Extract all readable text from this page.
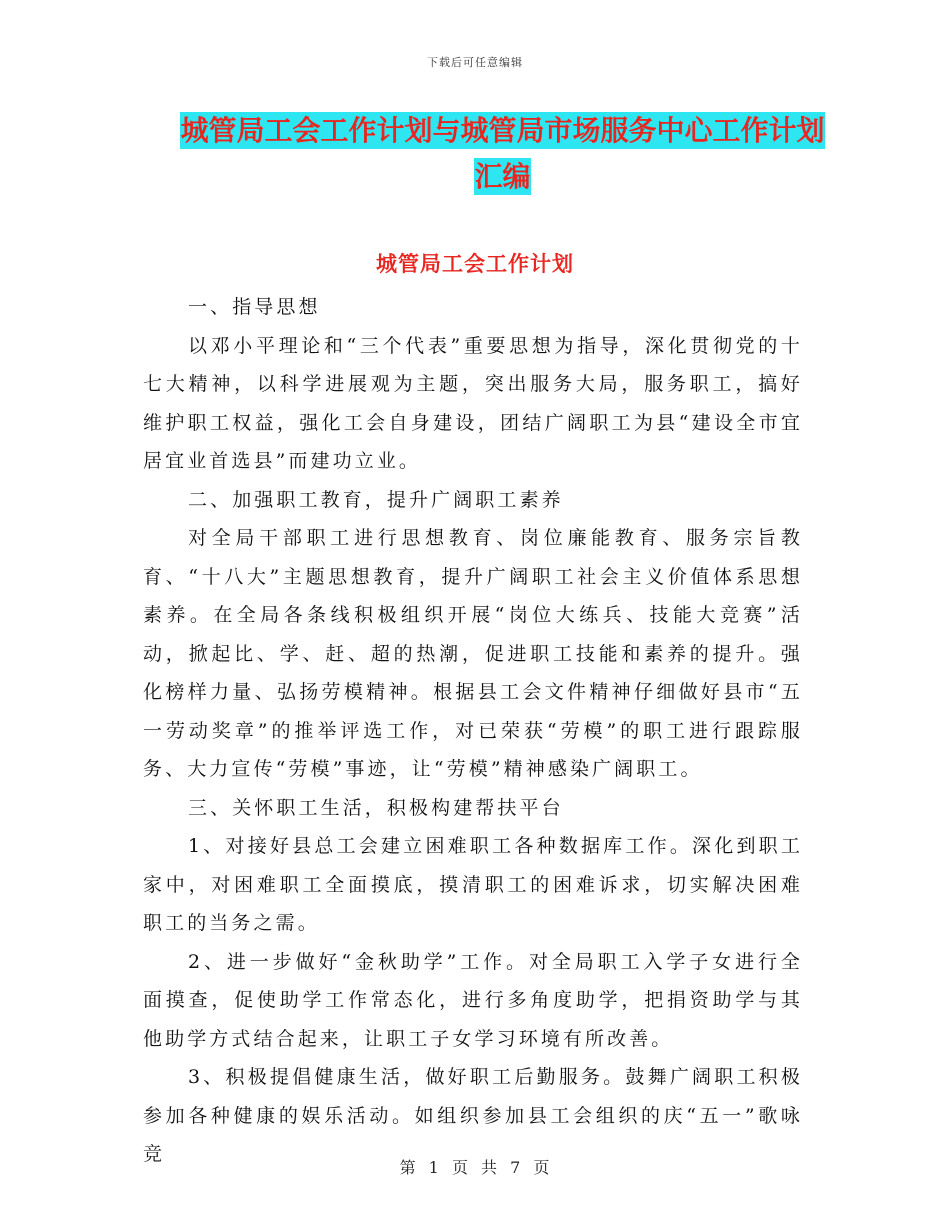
下载后可任意编辑
城管局工会工作计划与城管局市场服务中心工作计划
汇编
城管局工会工作计划

一、指导思想

以邓小平理论和“三个代表”重要思想为指导，深化贯彻党的十七大精神，以科学进展观为主题，突出服务大局，服务职工，搞好维护职工权益，强化工会自身建设，团结广阔职工为县“建设全市宜居宜业首选县”而建功立业。

二、加强职工教育，提升广阔职工素养

对全局干部职工进行思想教育、岗位廉能教育、服务宗旨教育、“十八大”主题思想教育，提升广阔职工社会主义价值体系思想素养。在全局各条线积极组织开展“岗位大练兵、技能大竞赛”活动，掀起比、学、赶、超的热潮，促进职工技能和素养的提升。强化榜样力量、弘扬劳模精神。根据县工会文件精神仔细做好县市“五一劳动奖章”的推举评选工作，对已荣获“劳模”的职工进行跟踪服务、大力宣传“劳模”事迹，让“劳模”精神感染广阔职工。

三、关怀职工生活，积极构建帮扶平台

1、对接好县总工会建立困难职工各种数据库工作。深化到职工家中，对困难职工全面摸底，摸清职工的困难诉求，切实解决困难职工的当务之需。

2、进一步做好“金秋助学”工作。对全局职工入学子女进行全面摸查，促使助学工作常态化，进行多角度助学，把捐资助学与其他助学方式结合起来，让职工子女学习环境有所改善。

3、积极提倡健康生活，做好职工后勤服务。鼓舞广阔职工积极参加各种健康的娱乐活动。如组织参加县工会组织的庆“五一”歌咏竞

第 1 页 共 7 页
